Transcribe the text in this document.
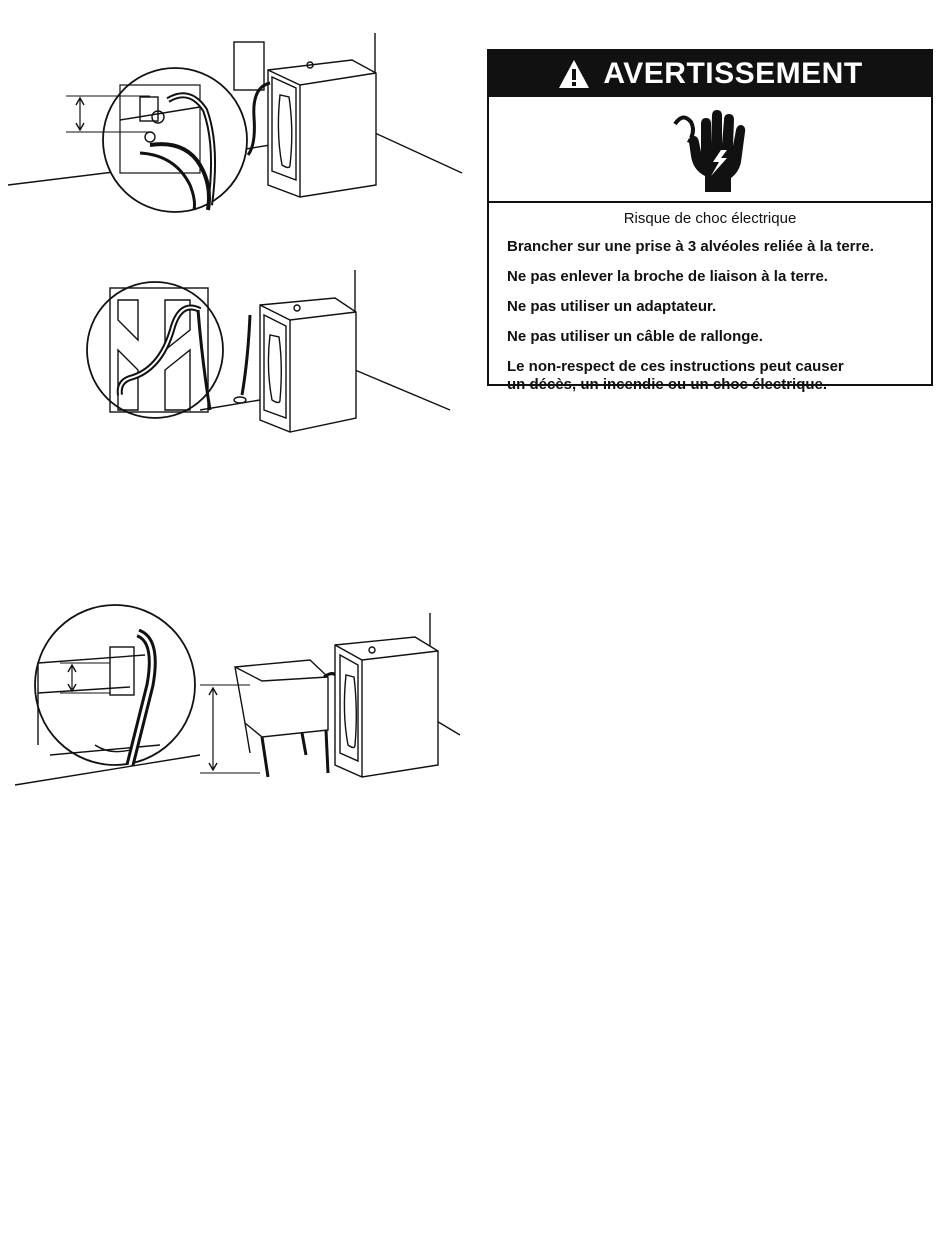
AVERTISSEMENT

Risque de choc électrique

Brancher sur une prise à 3 alvéoles reliée à la terre.

Ne pas enlever la broche de liaison à la terre.

Ne pas utiliser un adaptateur.

Ne pas utiliser un câble de rallonge.

Le non-respect de ces instructions peut causer
un décès, un incendie ou un choc électrique.
